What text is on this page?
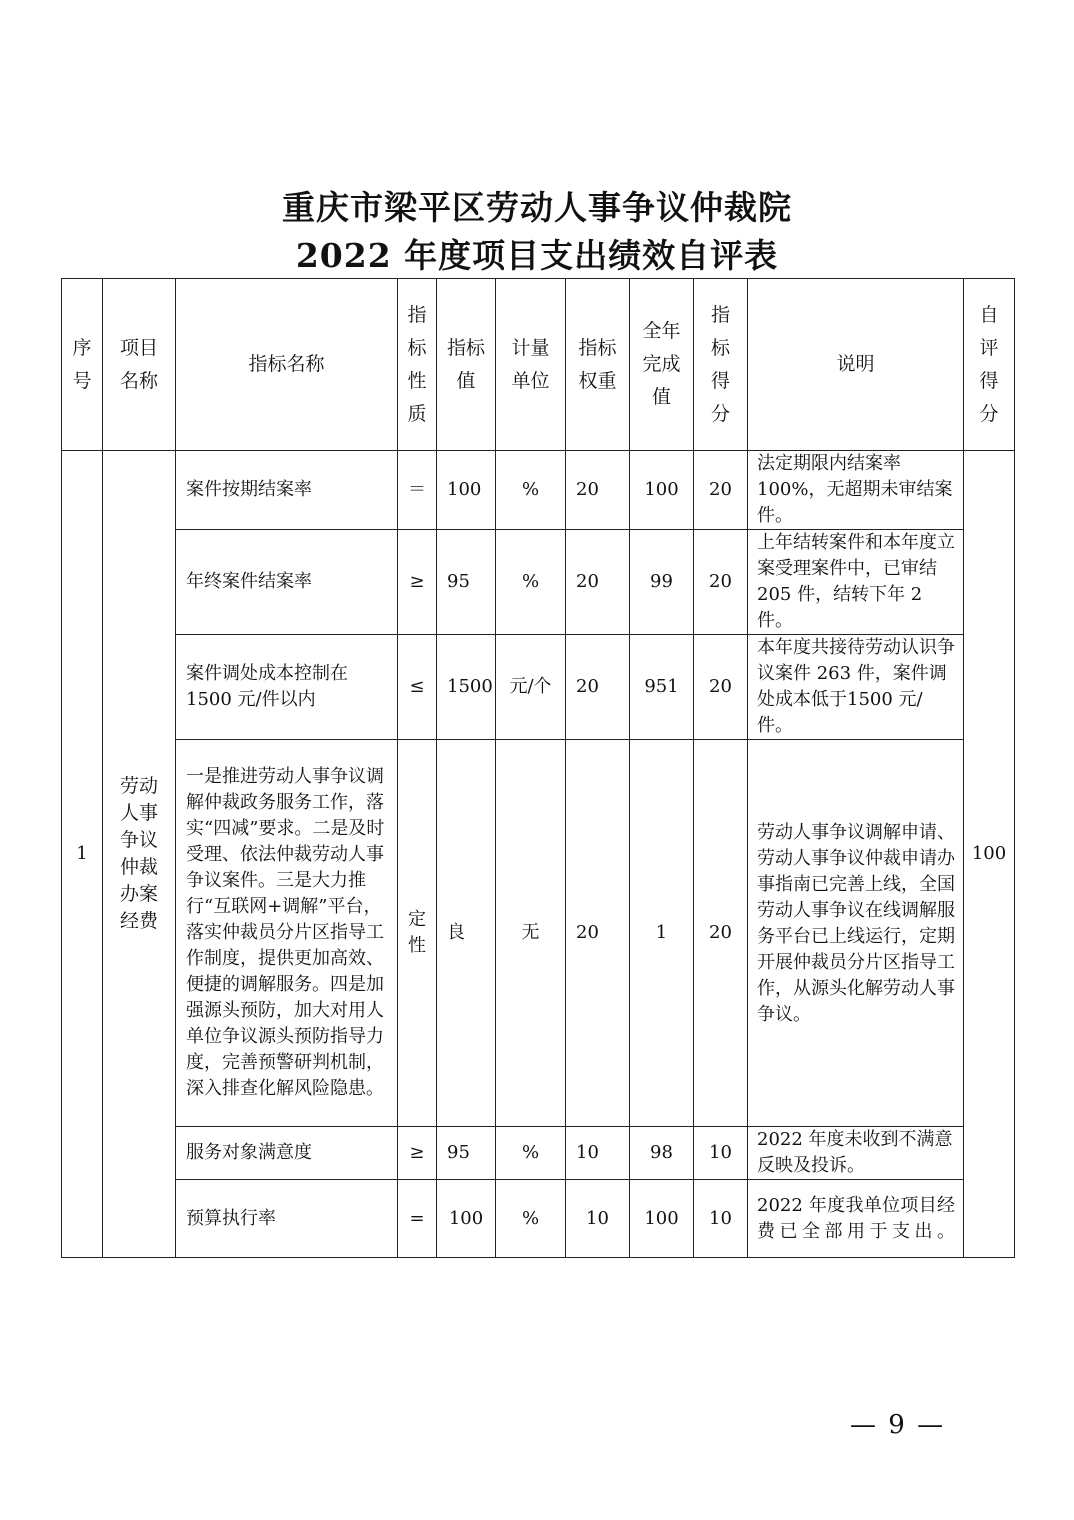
重庆市梁平区劳动人事争议仲裁院
2022 年度项目支出绩效自评表
序号	项目名称	指标名称	指标性质	指标值	计量单位	指标权重	全年完成值	指标得分	说明	自评得分
1	劳动人事争议仲裁办案经费	案件按期结案率	＝	100	%	20	100	20	法定期限内结案率100%，无超期未审结案件。	100
		年终案件结案率	≥	95	%	20	99	20	上年结转案件和本年度立案受理案件中，已审结 205 件，结转下年 2 件。	
		案件调处成本控制在1500 元/件以内	≤	1500	元/个	20	951	20	本年度共接待劳动认识争议案件 263 件，案件调处成本低于1500 元/件。	
		一是推进劳动人事争议调解仲裁政务服务工作，落实“四减”要求。二是及时受理、依法仲裁劳动人事争议案件。三是大力推行“互联网+调解”平台，落实仲裁员分片区指导工作制度，提供更加高效、便捷的调解服务。四是加强源头预防，加大对用人单位争议源头预防指导力度，完善预警研判机制，深入排查化解风险隐患。	定性	良	无	20	1	20	劳动人事争议调解申请、劳动人事争议仲裁申请办事指南已完善上线，全国劳动人事争议在线调解服务平台已上线运行，定期开展仲裁员分片区指导工作，从源头化解劳动人事争议。	
		服务对象满意度	≥	95	%	10	98	10	2022 年度未收到不满意反映及投诉。	
		预算执行率	=	100	%	10	100	10	2022 年度我单位项目经费已全部用于支出。	
— 9 —
